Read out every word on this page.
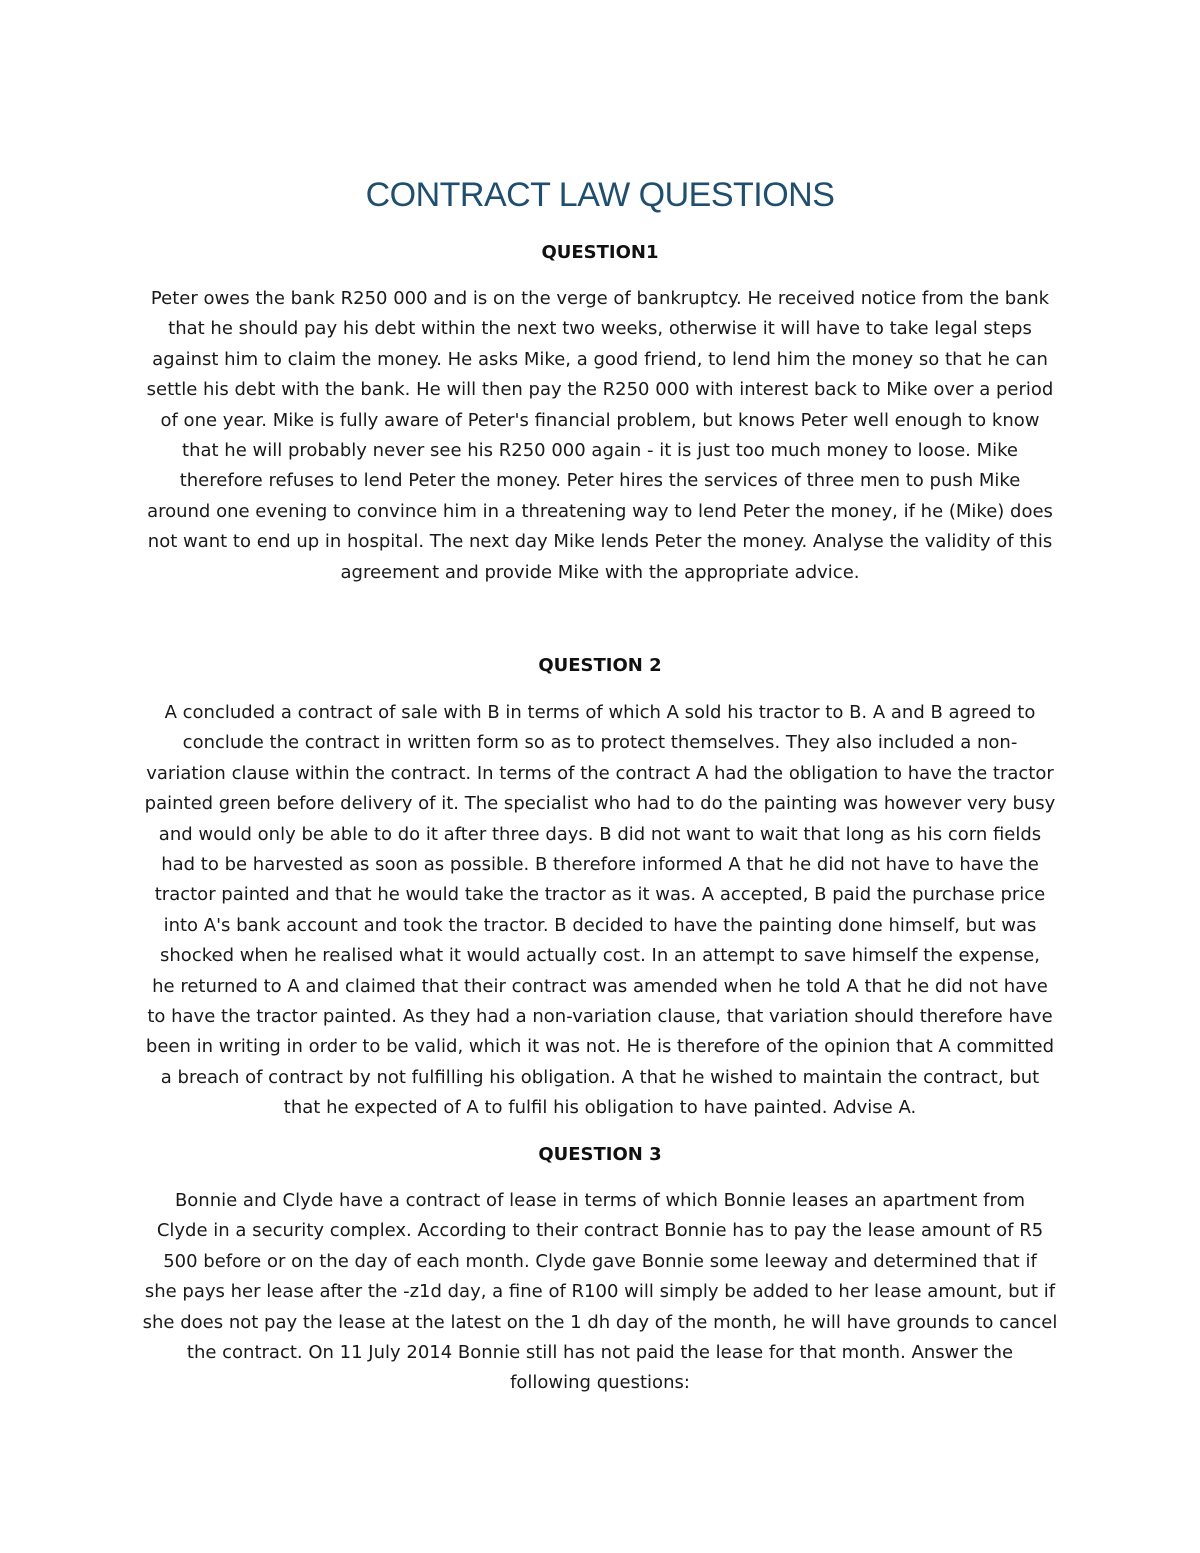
CONTRACT LAW QUESTIONS
QUESTION1
Peter owes the bank R250 000 and is on the verge of bankruptcy. He received notice from the bank
that he should pay his debt within the next two weeks, otherwise it will have to take legal steps
against him to claim the money. He asks Mike, a good friend, to lend him the money so that he can
settle his debt with the bank. He will then pay the R250 000 with interest back to Mike over a period
of one year. Mike is fully aware of Peter's financial problem, but knows Peter well enough to know
that he will probably never see his R250 000 again - it is just too much money to loose. Mike
therefore refuses to lend Peter the money. Peter hires the services of three men to push Mike
around one evening to convince him in a threatening way to lend Peter the money, if he (Mike) does
not want to end up in hospital. The next day Mike lends Peter the money. Analyse the validity of this
agreement and provide Mike with the appropriate advice.
QUESTION 2
A concluded a contract of sale with B in terms of which A sold his tractor to B. A and B agreed to
conclude the contract in written form so as to protect themselves. They also included a non-
variation clause within the contract. In terms of the contract A had the obligation to have the tractor
painted green before delivery of it. The specialist who had to do the painting was however very busy
and would only be able to do it after three days. B did not want to wait that long as his corn fields
had to be harvested as soon as possible. B therefore informed A that he did not have to have the
tractor painted and that he would take the tractor as it was. A accepted, B paid the purchase price
into A's bank account and took the tractor. B decided to have the painting done himself, but was
shocked when he realised what it would actually cost. In an attempt to save himself the expense,
he returned to A and claimed that their contract was amended when he told A that he did not have
to have the tractor painted. As they had a non-variation clause, that variation should therefore have
been in writing in order to be valid, which it was not. He is therefore of the opinion that A committed
a breach of contract by not fulfilling his obligation. A that he wished to maintain the contract, but
that he expected of A to fulfil his obligation to have painted. Advise A.
QUESTION 3
Bonnie and Clyde have a contract of lease in terms of which Bonnie leases an apartment from
Clyde in a security complex. According to their contract Bonnie has to pay the lease amount of R5
500 before or on the day of each month. Clyde gave Bonnie some leeway and determined that if
she pays her lease after the -z1d day, a fine of R100 will simply be added to her lease amount, but if
she does not pay the lease at the latest on the 1 dh day of the month, he will have grounds to cancel
the contract. On 11 July 2014 Bonnie still has not paid the lease for that month. Answer the
following questions:
